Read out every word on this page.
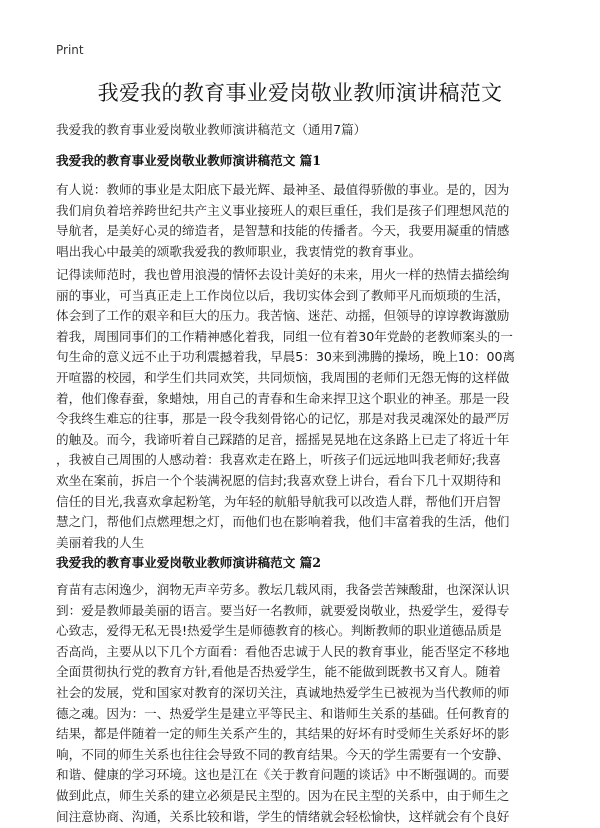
Print
我爱我的教育事业爱岗敬业教师演讲稿范文
我爱我的教育事业爱岗敬业教师演讲稿范文（通用7篇）
我爱我的教育事业爱岗敬业教师演讲稿范文 篇1

有人说：教师的事业是太阳底下最光辉、最神圣、最值得骄傲的事业。是的，因为
我们肩负着培养跨世纪共产主义事业接班人的艰巨重任，我们是孩子们理想风范的
导航者，是美好心灵的缔造者，是智慧和技能的传播者。今天，我要用凝重的情感
唱出我心中最美的颂歌我爱我的教师职业，我衷情党的教育事业。

记得读师范时，我也曾用浪漫的情怀去设计美好的未来，用火一样的热情去描绘绚
丽的事业，可当真正走上工作岗位以后，我切实体会到了教师平凡而烦琐的生活，
体会到了工作的艰辛和巨大的压力。我苦恼、迷茫、动摇，但领导的谆谆教诲激励
着我，周围同事们的工作精神感化着我，同组一位有着30年党龄的老教师案头的一
句生命的意义远不止于功利震撼着我，早晨5：30来到沸腾的操场，晚上10：00离
开喧嚣的校园，和学生们共同欢笑，共同烦恼，我周围的老师们无怨无悔的这样做
着，他们像春蚕，象蜡烛，用自己的青春和生命来捍卫这个职业的神圣。那是一段
令我终生难忘的往事，那是一段令我刻骨铭心的记忆，那是对我灵魂深处的最严厉
的触及。而今，我谛听着自己踩踏的足音，摇摇晃晃地在这条路上已走了将近十年
，我被自己周围的人感动着：我喜欢走在路上，听孩子们远远地叫我老师好;我喜
欢坐在案前，拆启一个个装满祝愿的信封;我喜欢登上讲台，看台下几十双期待和
信任的目光,我喜欢拿起粉笔，为年轻的航船导航我可以改造人群，帮他们开启智
慧之门，帮他们点燃理想之灯，而他们也在影响着我，他们丰富着我的生活，他们
美丽着我的人生

我爱我的教育事业爱岗敬业教师演讲稿范文 篇2

育苗有志闲逸少，润物无声辛劳多。教坛几载风雨，我备尝苦辣酸甜，也深深认识
到：爱是教师最美丽的语言。要当好一名教师，就要爱岗敬业，热爱学生，爱得专
心致志，爱得无私无畏!热爱学生是师德教育的核心。判断教师的职业道德品质是
否高尚，主要从以下几个方面看：看他否忠诚于人民的教育事业，能否坚定不移地
全面贯彻执行党的教育方针,看他是否热爱学生，能不能做到既教书又育人。随着
社会的发展，党和国家对教育的深切关注，真诚地热爱学生已被视为当代教师的师
德之魂。因为：一、热爱学生是建立平等民主、和谐师生关系的基础。任何教育的
结果，都是伴随着一定的师生关系产生的，其结果的好坏有时受师生关系好坏的影
响，不同的师生关系也往往会导致不同的教育结果。今天的学生需要有一个安静、
和谐、健康的学习环境。这也是江在《关于教育问题的谈话》中不断强调的。而要
做到此点，师生关系的建立必须是民主型的。因为在民主型的关系中，由于师生之
间注意协商、沟通，关系比较和谐，学生的情绪就会轻松愉快，这样就会有个良好
